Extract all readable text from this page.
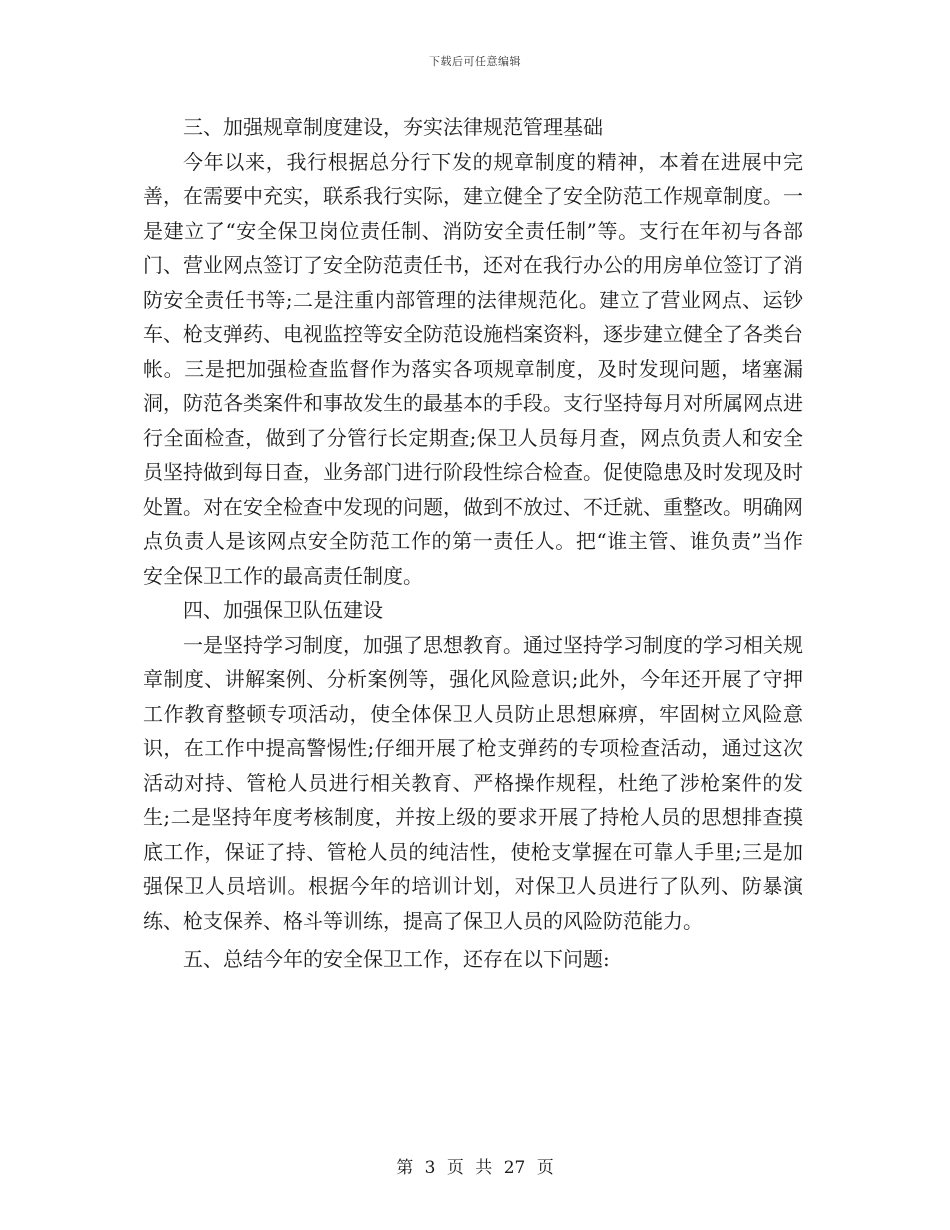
下载后可任意编辑

三、加强规章制度建设，夯实法律规范管理基础

今年以来，我行根据总分行下发的规章制度的精神，本着在进展中完善，在需要中充实，联系我行实际，建立健全了安全防范工作规章制度。一是建立了“安全保卫岗位责任制、消防安全责任制”等。支行在年初与各部门、营业网点签订了安全防范责任书，还对在我行办公的用房单位签订了消防安全责任书等;二是注重内部管理的法律规范化。建立了营业网点、运钞车、枪支弹药、电视监控等安全防范设施档案资料，逐步建立健全了各类台帐。三是把加强检查监督作为落实各项规章制度，及时发现问题，堵塞漏洞，防范各类案件和事故发生的最基本的手段。支行坚持每月对所属网点进行全面检查，做到了分管行长定期查;保卫人员每月查，网点负责人和安全员坚持做到每日查，业务部门进行阶段性综合检查。促使隐患及时发现及时处置。对在安全检查中发现的问题，做到不放过、不迁就、重整改。明确网点负责人是该网点安全防范工作的第一责任人。把“谁主管、谁负责”当作安全保卫工作的最高责任制度。

四、加强保卫队伍建设

一是坚持学习制度，加强了思想教育。通过坚持学习制度的学习相关规章制度、讲解案例、分析案例等，强化风险意识;此外，今年还开展了守押工作教育整顿专项活动，使全体保卫人员防止思想麻痹，牢固树立风险意识，在工作中提高警惕性;仔细开展了枪支弹药的专项检查活动，通过这次活动对持、管枪人员进行相关教育、严格操作规程，杜绝了涉枪案件的发生;二是坚持年度考核制度，并按上级的要求开展了持枪人员的思想排查摸底工作，保证了持、管枪人员的纯洁性，使枪支掌握在可靠人手里;三是加强保卫人员培训。根据今年的培训计划，对保卫人员进行了队列、防暴演练、枪支保养、格斗等训练，提高了保卫人员的风险防范能力。

五、总结今年的安全保卫工作，还存在以下问题:

第 3 页 共 27 页
